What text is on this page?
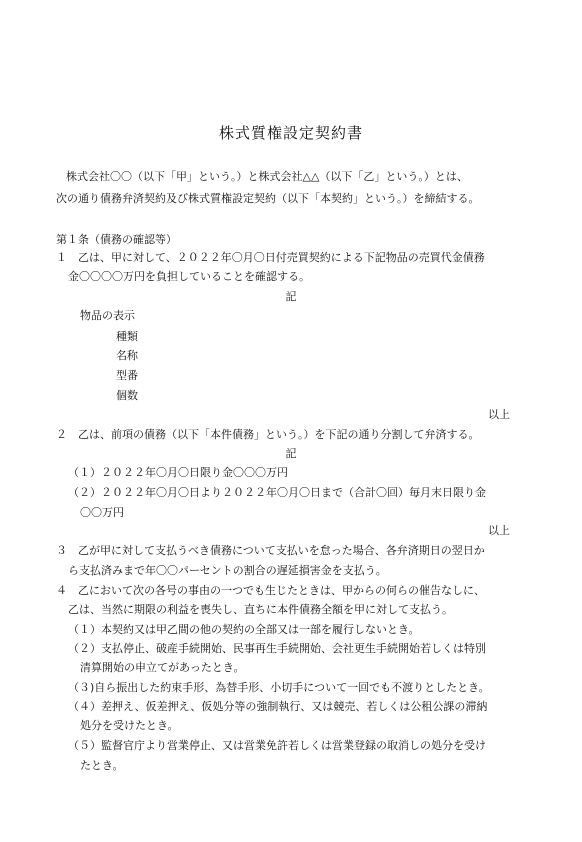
株式質権設定契約書
株式会社〇〇（以下「甲」という。）と株式会社△△（以下「乙」という。）とは、
次の通り債務弁済契約及び株式質権設定契約（以下「本契約」という。）を締結する。
第１条（債務の確認等）
１　乙は、甲に対して、２０２２年〇月〇日付売買契約による下記物品の売買代金債務
金〇〇〇〇万円を負担していることを確認する。
記
物品の表示
種類
名称
型番
個数
以上
２　乙は、前項の債務（以下「本件債務」という。）を下記の通り分割して弁済する。
記
（１）２０２２年〇月〇日限り金〇〇〇万円
（２）２０２２年〇月〇日より２０２２年〇月〇日まで（合計〇回）毎月末日限り金
〇〇万円
以上
３　乙が甲に対して支払うべき債務について支払いを怠った場合、各弁済期日の翌日か
ら支払済みまで年〇〇パーセントの割合の遅延損害金を支払う。
４　乙において次の各号の事由の一つでも生じたときは、甲からの何らの催告なしに、
乙は、当然に期限の利益を喪失し、直ちに本件債務全額を甲に対して支払う。
（１）本契約又は甲乙間の他の契約の全部又は一部を履行しないとき。
（２）支払停止、破産手続開始、民事再生手続開始、会社更生手続開始若しくは特別
清算開始の申立てがあったとき。
（３)自ら振出した約束手形、為替手形、小切手について一回でも不渡りとしたとき。
（４）差押え、仮差押え、仮処分等の強制執行、又は競売、若しくは公租公課の滞納
処分を受けたとき。
（５）監督官庁より営業停止、又は営業免許若しくは営業登録の取消しの処分を受け
たとき。
